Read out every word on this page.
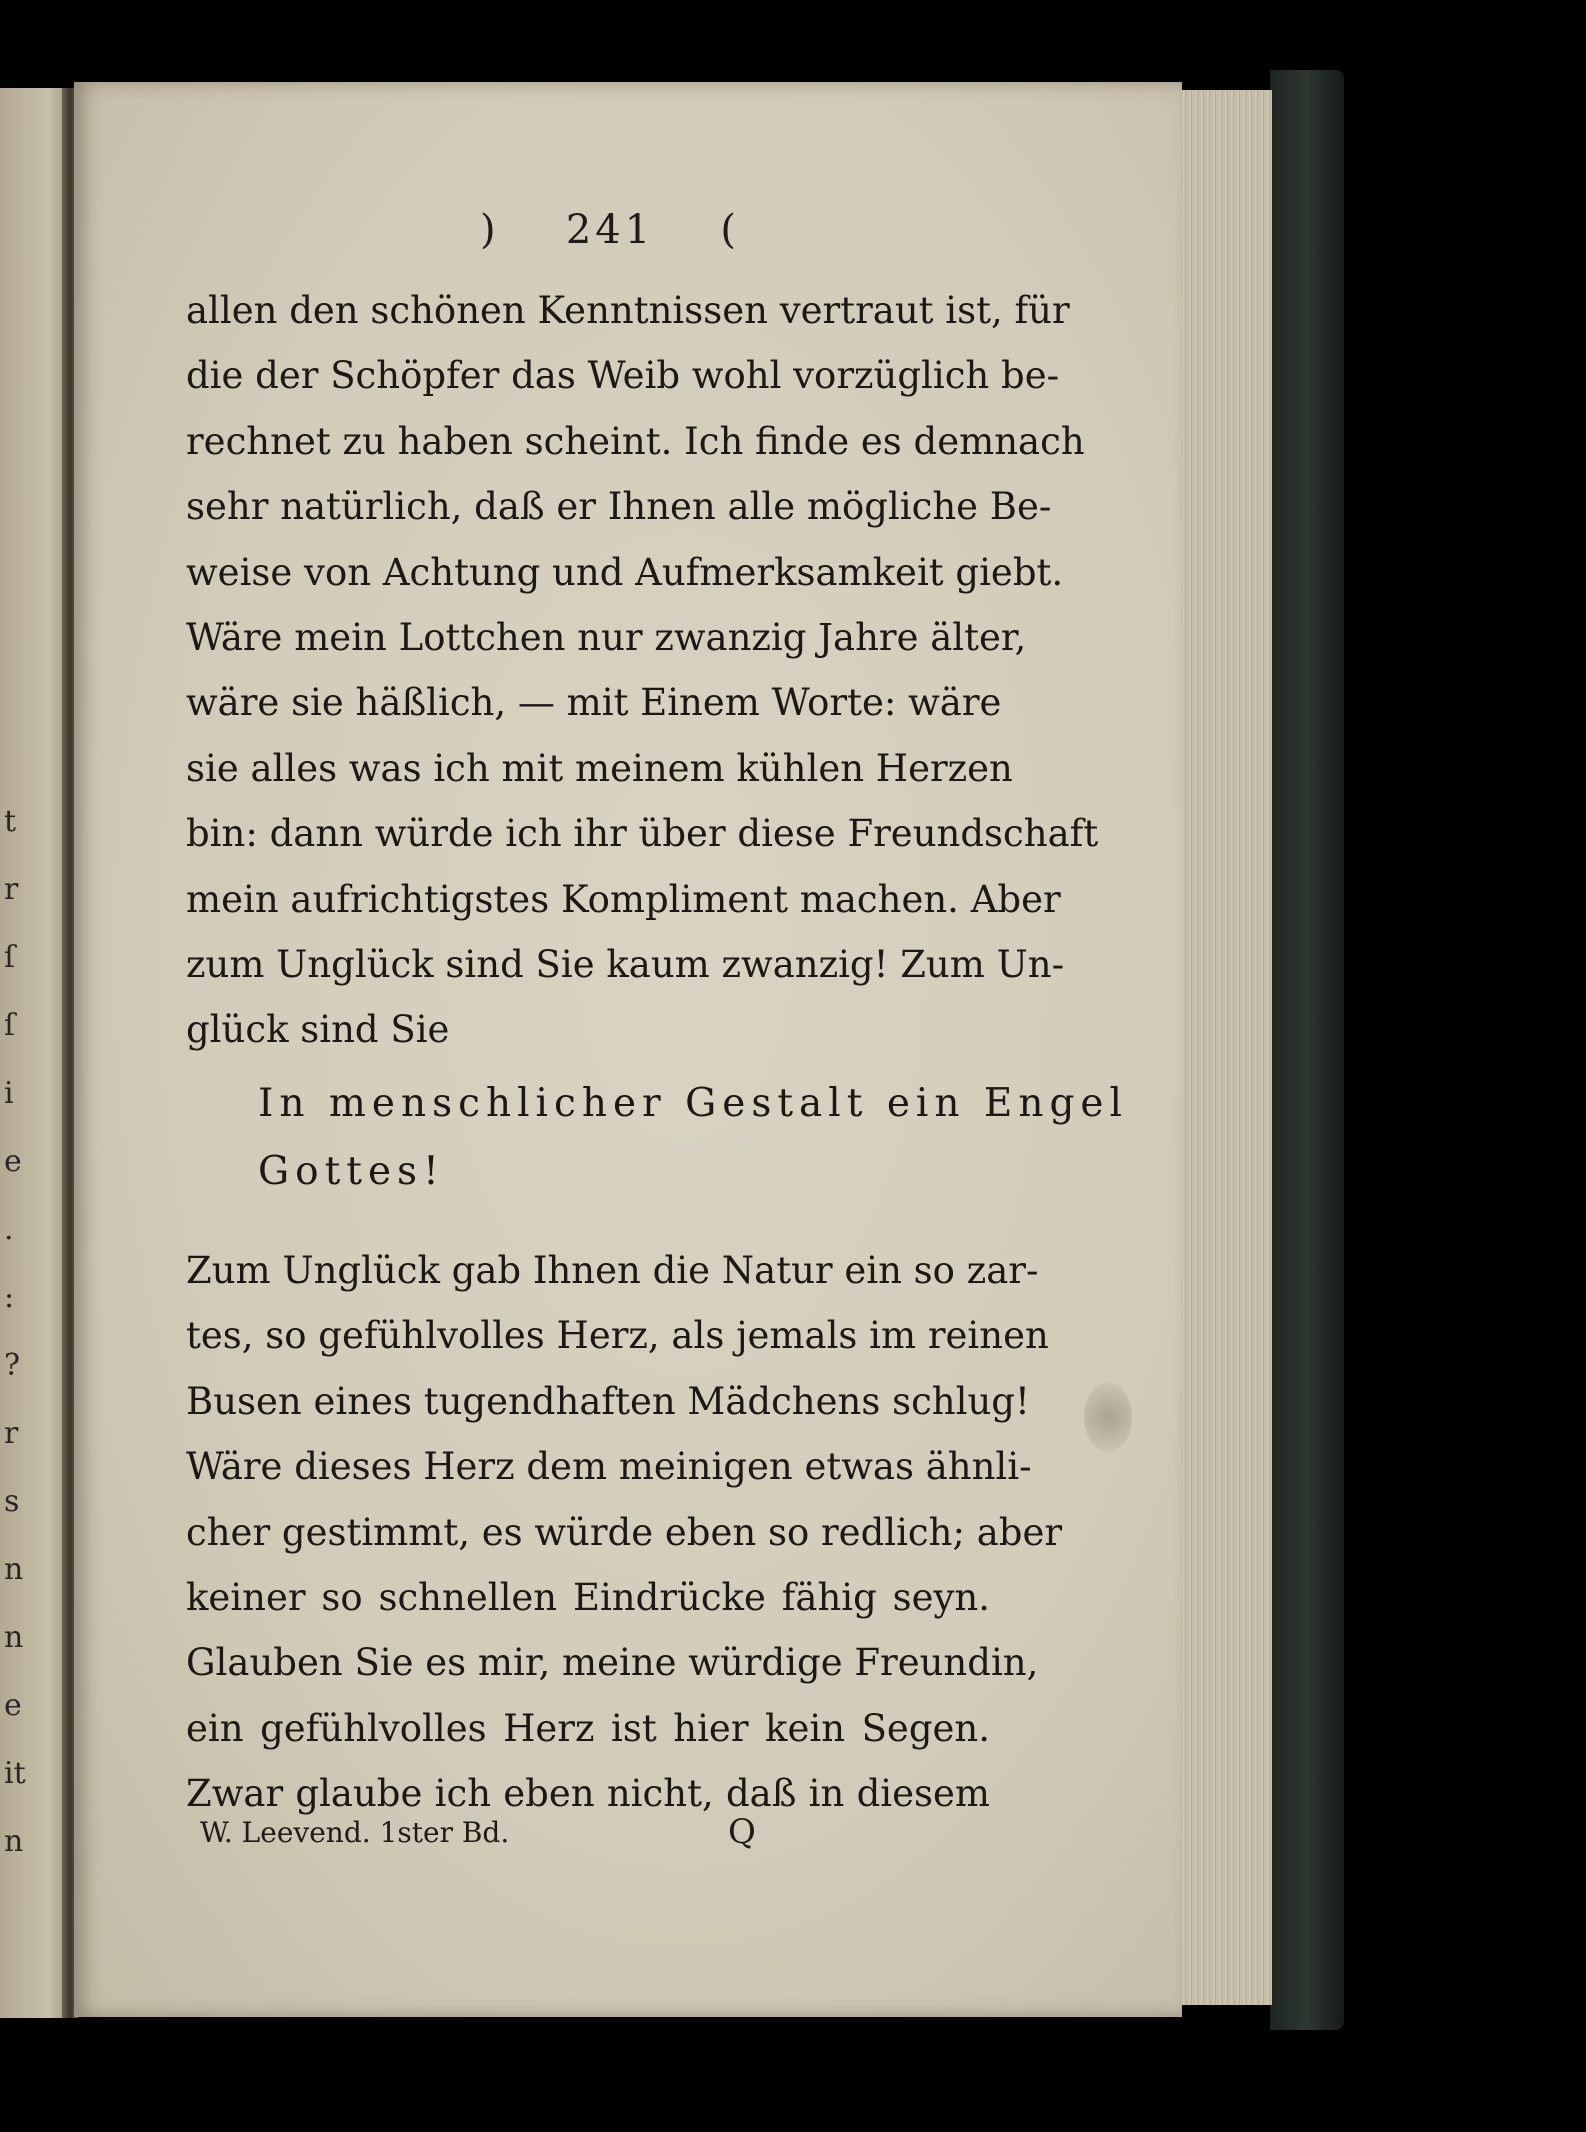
t
r
ſ
ſ
i
e
.
:
?
r
s
n
n
e
it
n
) 241 (
allen den schönen Kenntnissen vertraut ist, für
die der Schöpfer das Weib wohl vorzüglich be-
rechnet zu haben scheint. Ich finde es demnach
sehr natürlich, daß er Ihnen alle mögliche Be-
weise von Achtung und Aufmerksamkeit giebt.
Wäre mein Lottchen nur zwanzig Jahre älter,
wäre sie häßlich, — mit Einem Worte: wäre
sie alles was ich mit meinem kühlen Herzen
bin: dann würde ich ihr über diese Freundschaft
mein aufrichtigstes Kompliment machen. Aber
zum Unglück sind Sie kaum zwanzig! Zum Un-
glück sind Sie
In menschlicher Gestalt ein Engel
Gottes!
Zum Unglück gab Ihnen die Natur ein so zar-
tes, so gefühlvolles Herz, als jemals im reinen
Busen eines tugendhaften Mädchens schlug!
Wäre dieses Herz dem meinigen etwas ähnli-
cher gestimmt, es würde eben so redlich; aber
keiner so schnellen Eindrücke fähig seyn.
Glauben Sie es mir, meine würdige Freundin,
ein gefühlvolles Herz ist hier kein Segen.
Zwar glaube ich eben nicht, daß in diesem
W. Leevend. 1ster Bd.	Q
